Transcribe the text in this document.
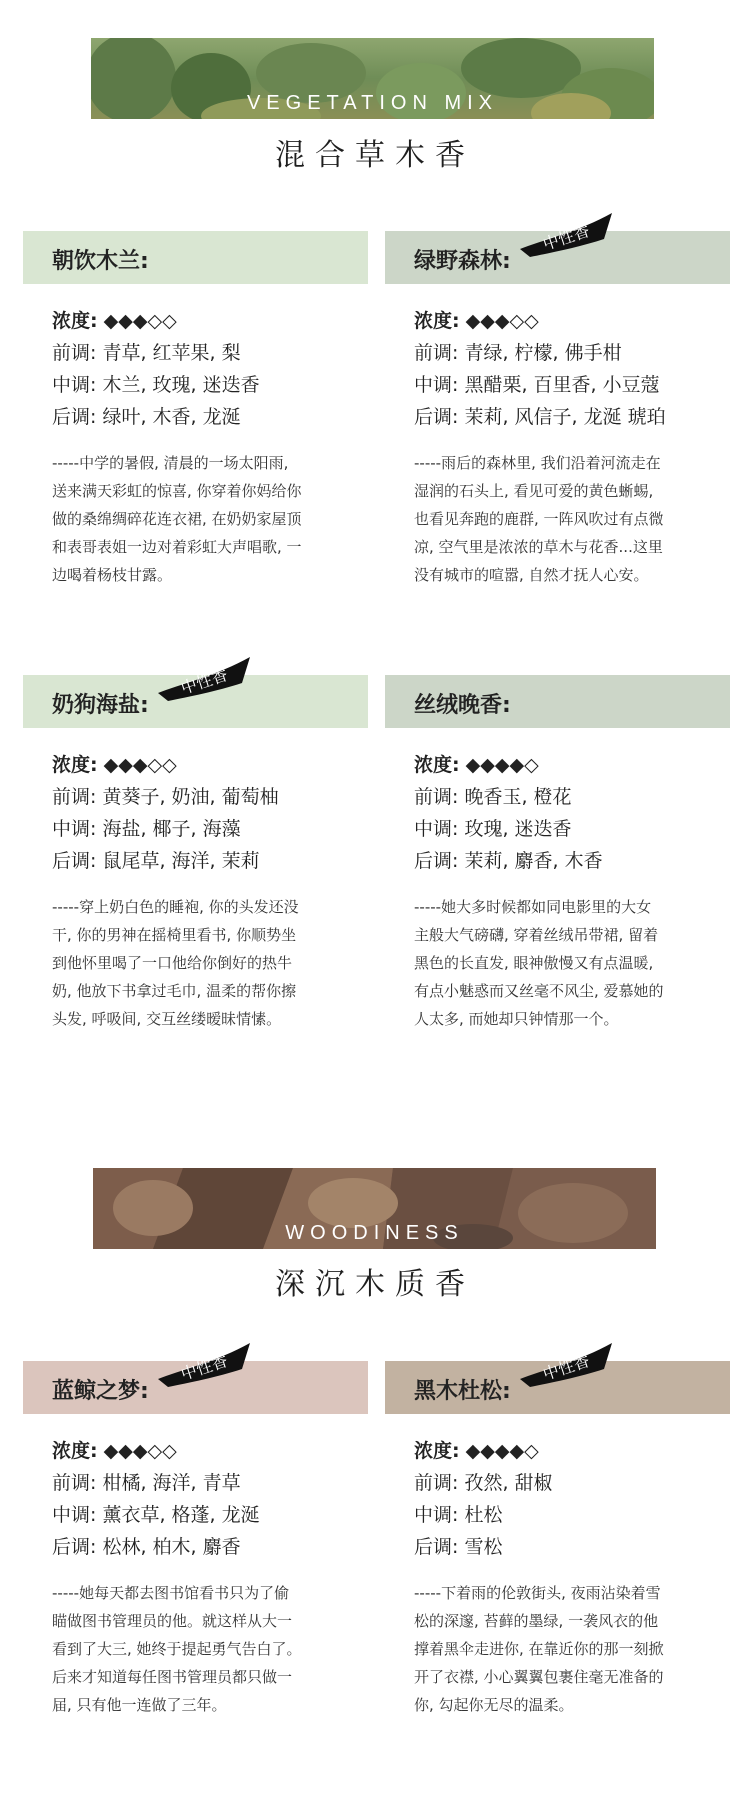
VEGETATION MIX
混合草木香
朝饮木兰:
浓度: ◆◆◆◇◇
前调: 青草, 红苹果, 梨
中调: 木兰, 玫瑰, 迷迭香
后调: 绿叶, 木香, 龙涎
-----中学的暑假, 清晨的一场太阳雨, 送来满天彩虹的惊喜, 你穿着你妈给你做的桑绵绸碎花连衣裙, 在奶奶家屋顶和表哥表姐一边对着彩虹大声唱歌, 一边喝着杨枝甘露。
绿野森林:
中性香
浓度: ◆◆◆◇◇
前调: 青绿, 柠檬, 佛手柑
中调: 黑醋栗, 百里香, 小豆蔻
后调: 茉莉, 风信子, 龙涎 琥珀
-----雨后的森林里, 我们沿着河流走在湿润的石头上, 看见可爱的黄色蜥蜴, 也看见奔跑的鹿群, 一阵风吹过有点微凉, 空气里是浓浓的草木与花香...这里没有城市的喧嚣, 自然才抚人心安。
奶狗海盐:
中性香
浓度: ◆◆◆◇◇
前调: 黄葵子, 奶油, 葡萄柚
中调: 海盐, 椰子, 海藻
后调: 鼠尾草, 海洋, 茉莉
-----穿上奶白色的睡袍, 你的头发还没干, 你的男神在摇椅里看书, 你顺势坐到他怀里喝了一口他给你倒好的热牛奶, 他放下书拿过毛巾, 温柔的帮你擦头发, 呼吸间, 交互丝缕暧昧情愫。
丝绒晚香:
浓度: ◆◆◆◆◇
前调: 晚香玉, 橙花
中调: 玫瑰, 迷迭香
后调: 茉莉, 麝香, 木香
-----她大多时候都如同电影里的大女主般大气磅礴, 穿着丝绒吊带裙, 留着黑色的长直发, 眼神傲慢又有点温暖, 有点小魅惑而又丝毫不风尘, 爱慕她的人太多, 而她却只钟情那一个。
WOODINESS
深沉木质香
蓝鲸之梦:
中性香
浓度: ◆◆◆◇◇
前调: 柑橘, 海洋, 青草
中调: 薰衣草, 格蓬, 龙涎
后调: 松林, 柏木, 麝香
-----她每天都去图书馆看书只为了偷瞄做图书管理员的他。就这样从大一看到了大三, 她终于提起勇气告白了。后来才知道每任图书管理员都只做一届, 只有他一连做了三年。
黑木杜松:
中性香
浓度: ◆◆◆◆◇
前调: 孜然, 甜椒
中调: 杜松
后调: 雪松
-----下着雨的伦敦街头, 夜雨沾染着雪松的深邃, 苔藓的墨绿, 一袭风衣的他撑着黑伞走进你, 在靠近你的那一刻掀开了衣襟, 小心翼翼包裹住毫无准备的你, 勾起你无尽的温柔。
